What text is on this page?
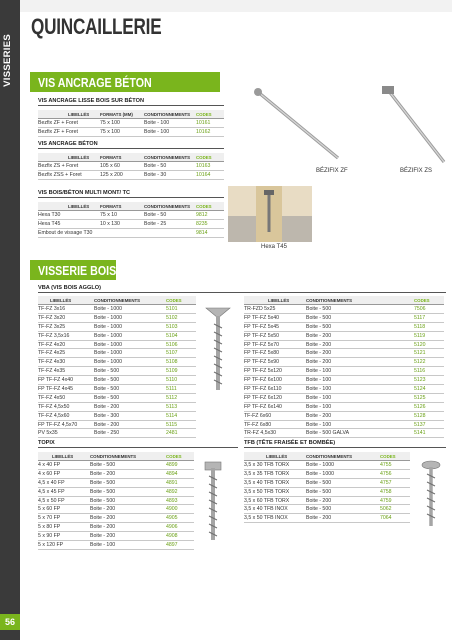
VISSERIES
56
QUINCAILLERIE
VIS ANCRAGE BÉTON
VIS ANCRAGE LISSE BOIS SUR BÉTON
LIBELLÉS	FORMATS (MM)	CONDITIONNEMENTS	CODES
Bezfix ZF + Foret	75 x 100	Boite - 100	10161
Bezfix ZF + Foret	75 x 100	Boite - 100	10162
VIS ANCRAGE BÉTON
LIBELLÉS	FORMATS	CONDITIONNEMENTS	CODES
Bezfix ZS + Foret	105 x 60	Boite - 50	10163
Bezfix ZSS + Foret	125 x 200	Boite - 30	10164
VIS BOIS/BÉTON MULTI MONT/ TC
LIBELLÉS	FORMATS	CONDITIONNEMENTS	CODES
Hexa T30	75 x 10	Boite - 50	9812
Hexa T45	10 x 130	Boite - 25	8235
Embout de vissage T30			9814
BÉZIFIX ZF	BÉZIFIX ZS
Hexa T45
VISSERIE BOIS
VBA (VIS BOIS AGGLO)
LIBELLÉS	CONDITIONNEMENTS	CODES
TF-FZ 3x16	Boite - 1000	5101
TF-FZ 3x20	Boite - 1000	5102
TF-FZ 3x25	Boite - 1000	5103
TF-FZ 3,5x16	Boite - 1000	5104
TF-FZ 4x20	Boite - 1000	5106
TF-FZ 4x25	Boite - 1000	5107
TF-FZ 4x30	Boite - 1000	5108
TF-FZ 4x35	Boite - 500	5109
FP TF-FZ 4x40	Boite - 500	5110
FP TF-FZ 4x45	Boite - 500	5111
TF-FZ 4x50	Boite - 500	5112
TF-FZ 4,5x50	Boite - 200	5113
TF-FZ 4,5x60	Boite - 300	5114
FP TF-FZ 4,5x70	Boite - 200	5115
PV 5x35	Boite - 250	2481
LIBELLÉS	CONDITIONNEMENTS		CODES
TR-FZD 5x25	Boite - 500		7506
FP TF-FZ 5x40	Boite - 500		5117
FP TF-FZ 5x45	Boite - 500		5118
FP TF-FZ 5x50	Boite - 200		5119
FP TF-FZ 5x70	Boite - 200		5120
FP TF-FZ 5x80	Boite - 200		5121
FP TF-FZ 5x90	Boite - 200		5122
FP TF-FZ 5x120	Boite - 100		5116
FP TF-FZ 6x100	Boite - 100		5123
FP TF-FZ 6x110	Boite - 100		5124
FP TF-FZ 6x120	Boite - 100		5125
FP TF-FZ 6x140	Boite - 100		5126
TF-FZ 6x60	Boite - 200		5128
TF-FZ 6x80	Boite - 100		5137
TR-FZ 4,5x30	Boite - 500 GALVA		5141
TOPIX
LIBELLÉS	CONDITIONNEMENTS	CODES
4 x 40 FP	Boite - 500	4899
4 x 60 FP	Boite - 200	4894
4,5 x 40 FP	Boite - 500	4891
4,5 x 45 FP	Boite - 500	4892
4,5 x 50 FP	Boite - 500	4893
5 x 60 FP	Boite - 200	4900
5 x 70 FP	Boite - 200	4905
5 x 80 FP	Boite - 200	4906
5 x 90 FP	Boite - 200	4908
5 x 120 FP	Boite - 100	4897
TFB (TÊTE FRAISÉE ET BOMBÉE)
LIBELLÉS	CONDITIONNEMENTS	CODES
3,5 x 30 TFB TORX	Boite - 1000	4755
3,5 x 35 TFB TORX	Boite - 1000	4756
3,5 x 40 TFB TORX	Boite - 500	4757
3,5 x 50 TFB TORX	Boite - 500	4758
3,5 x 60 TFB TORX	Boite - 200	4759
3,5 x 40 TFB INOX	Boite - 500	5062
3,5 x 50 TFB INOX	Boite - 200	7064
